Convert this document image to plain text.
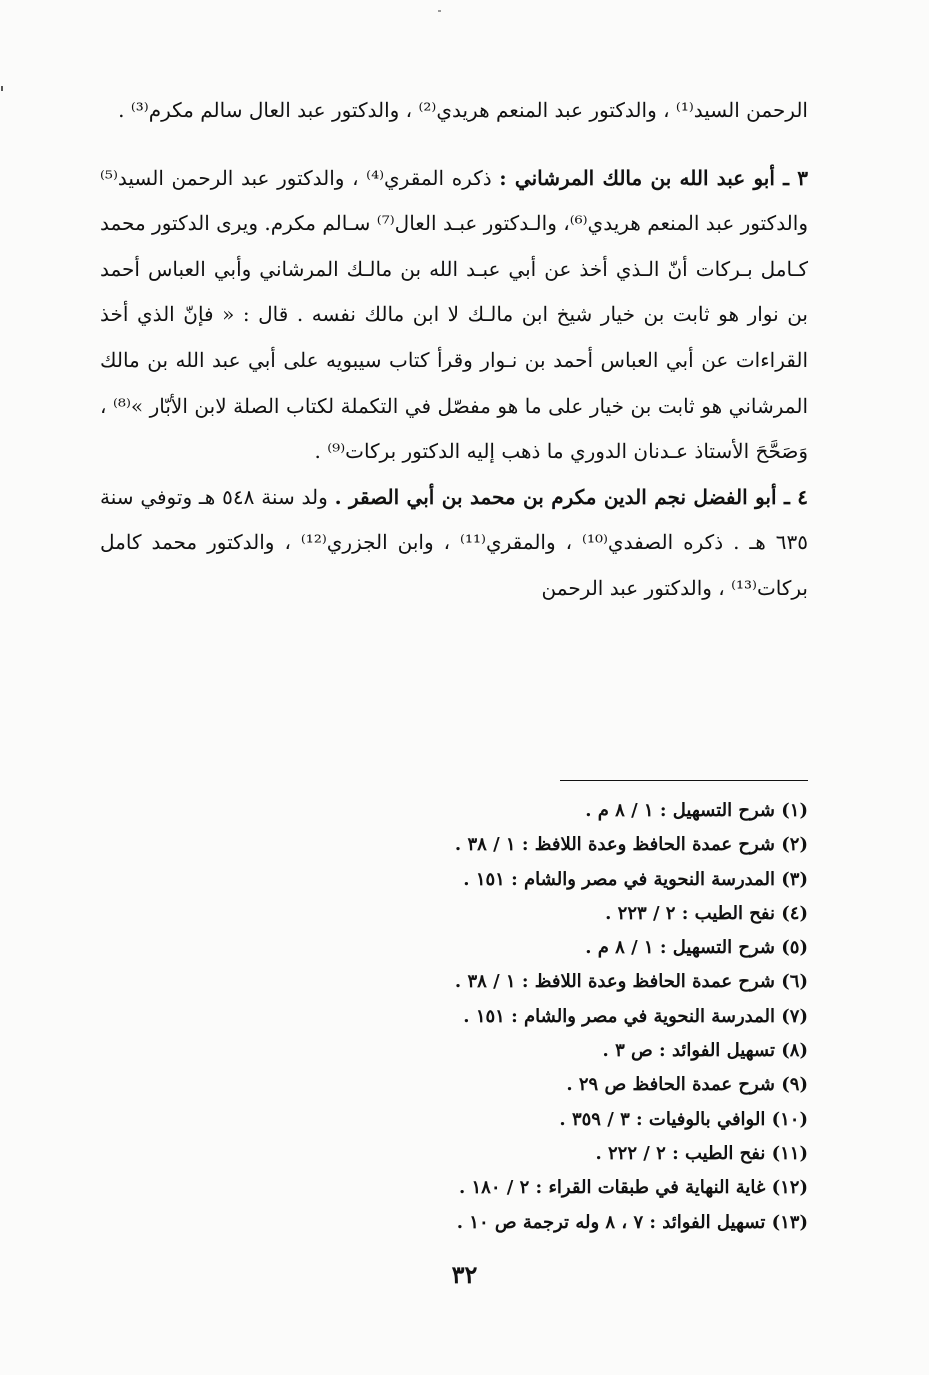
الرحمن السيد⁽¹⁾ ، والدكتور عبد المنعم هريدي⁽²⁾ ، والدكتور عبد العال سالم مكرم⁽³⁾ .

٣ ـ أبو عبد الله بن مالك المرشاني : ذكره المقري⁽⁴⁾ ، والدكتور عبد الرحمن السيد⁽⁵⁾ والدكتور عبد المنعم هريدي⁽⁶⁾، والـدكتور عبـد العال⁽⁷⁾ سـالم مكرم. ويرى الدكتور محمد كـامل بـركات أنّ الـذي أخذ عن أبي عبـد الله بن مالـك المرشاني وأبي العباس أحمد بن نوار هو ثابت بن خيار شيخ ابن مالـك لا ابن مالك نفسه . قال : « فإنّ الذي أخذ القراءات عن أبي العباس أحمد بن نـوار وقرأ كتاب سيبويه على أبي عبد الله بن مالك المرشاني هو ثابت بن خيار على ما هو مفصّل في التكملة لكتاب الصلة لابن الأبّار »⁽⁸⁾ ، وَصَحَّحَ الأستاذ عـدنان الدوري ما ذهب إليه الدكتور بركات⁽⁹⁾ .

٤ ـ أبو الفضل نجم الدين مكرم بن محمد بن أبي الصقر . ولد سنة ٥٤٨ هـ وتوفي سنة ٦٣٥ هـ . ذكره الصفدي⁽¹⁰⁾ ، والمقري⁽¹¹⁾ ، وابن الجزري⁽¹²⁾ ، والدكتور محمد كامل بركات⁽¹³⁾ ، والدكتور عبد الرحمن

(١) شرح التسهيل : ١ / ٨ م .
(٢) شرح عمدة الحافظ وعدة اللافظ : ١ / ٣٨ .
(٣) المدرسة النحوية في مصر والشام : ١٥١ .
(٤) نفح الطيب : ٢ / ٢٢٣ .
(٥) شرح التسهيل : ١ / ٨ م .
(٦) شرح عمدة الحافظ وعدة اللافظ : ١ / ٣٨ .
(٧) المدرسة النحوية في مصر والشام : ١٥١ .
(٨) تسهيل الفوائد : ص ٣ .
(٩) شرح عمدة الحافظ ص ٢٩ .
(١٠) الوافي بالوفيات : ٣ / ٣٥٩ .
(١١) نفح الطيب : ٢ / ٢٢٢ .
(١٢) غاية النهاية في طبقات القراء : ٢ / ١٨٠ .
(١٣) تسهيل الفوائد : ٧ ، ٨ وله ترجمة ص ١٠ .
٣٢
